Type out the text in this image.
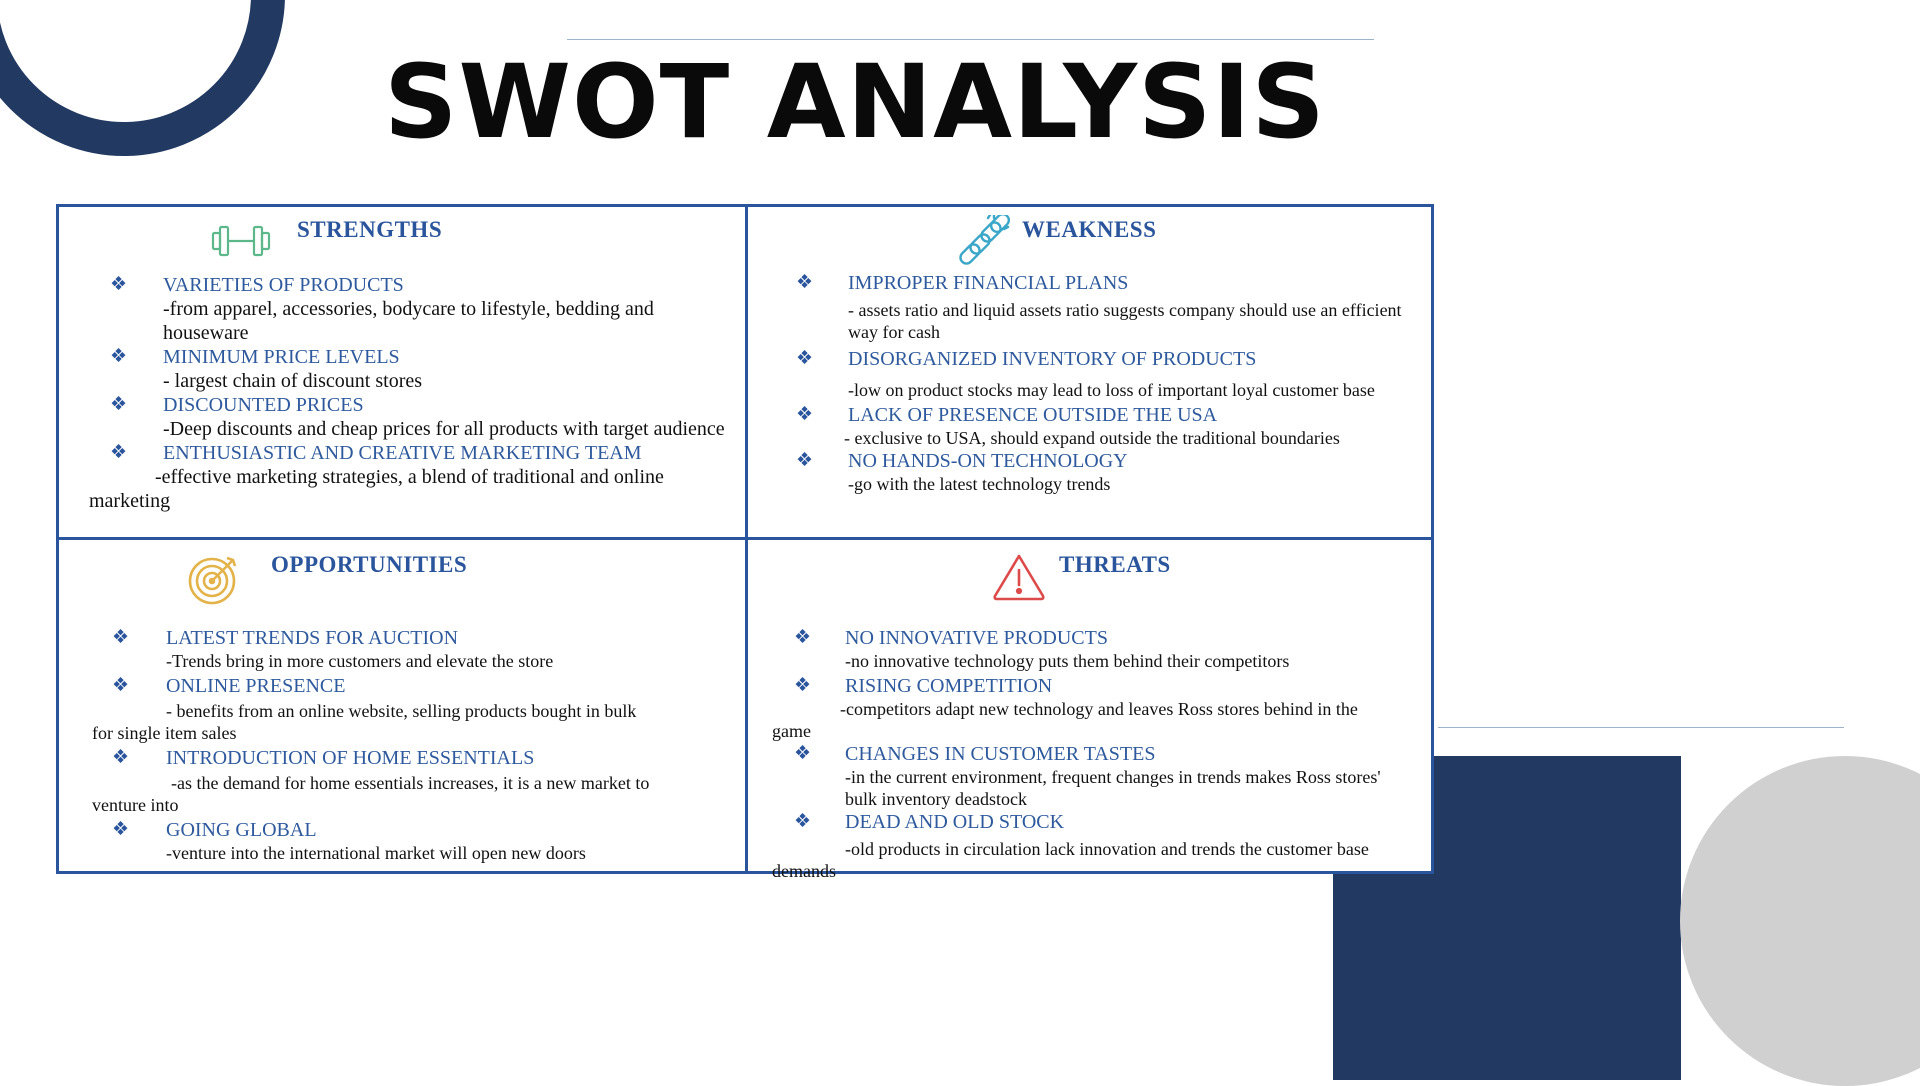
SWOT ANALYSIS
STRENGTHS
❖ VARIETIES OF PRODUCTS
-from apparel, accessories, bodycare to lifestyle, bedding and houseware
❖ MINIMUM PRICE LEVELS
- largest chain of discount stores
❖ DISCOUNTED PRICES
-Deep discounts and cheap prices for all products with target audience
❖ ENTHUSIASTIC AND CREATIVE MARKETING TEAM
-effective marketing strategies, a blend of traditional and online marketing
WEAKNESS
❖ IMPROPER FINANCIAL PLANS
- assets ratio and liquid assets ratio suggests company should use an efficient way for cash
❖ DISORGANIZED INVENTORY OF PRODUCTS
-low on product stocks may lead to loss of important loyal customer base
❖ LACK OF PRESENCE OUTSIDE THE USA
- exclusive to USA, should expand outside the traditional boundaries
❖ NO HANDS-ON TECHNOLOGY
-go with the latest technology trends
OPPORTUNITIES
❖ LATEST TRENDS FOR AUCTION
-Trends bring in more customers and elevate the store
❖ ONLINE PRESENCE
- benefits from an online website, selling products bought in bulk for single item sales
❖ INTRODUCTION OF HOME ESSENTIALS
-as the demand for home essentials increases, it is a new market to venture into
❖ GOING GLOBAL
-venture into the international market will open new doors
THREATS
❖ NO INNOVATIVE PRODUCTS
-no innovative technology puts them behind their competitors
❖ RISING COMPETITION
-competitors adapt new technology and leaves Ross stores behind in the game
❖ CHANGES IN CUSTOMER TASTES
-in the current environment, frequent changes in trends makes Ross stores' bulk inventory deadstock
❖ DEAD AND OLD STOCK
-old products in circulation lack innovation and trends the customer base demands
